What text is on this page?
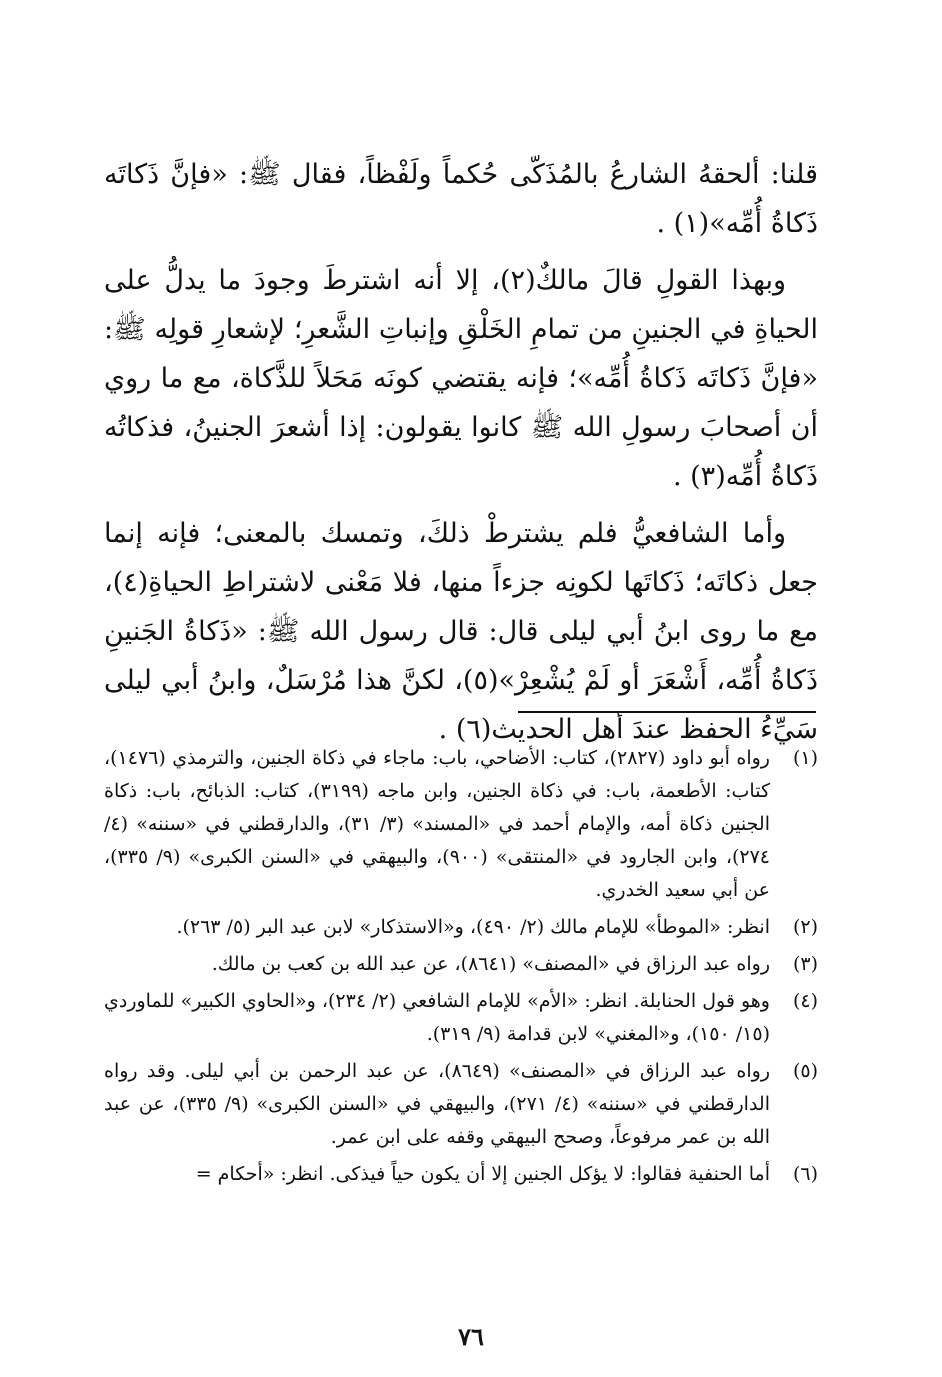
قلنا: ألحقهُ الشارعُ بالمُذَكّى حُكماً ولَفْظاً، فقال ﷺ: «فإنَّ ذَكاتَه ذَكاةُ أُمِّه»(١) .

وبهذا القولِ قالَ مالكٌ(٢)، إلا أنه اشترطَ وجودَ ما يدلُّ على الحياةِ في الجنينِ من تمامِ الخَلْقِ وإنباتِ الشَّعرِ؛ لإشعارِ قولِه ﷺ: «فإنَّ ذَكاتَه ذَكاةُ أُمِّه»؛ فإنه يقتضي كونَه مَحَلاً للذَّكاة، مع ما روي أن أصحابَ رسولِ الله ﷺ كانوا يقولون: إذا أشعرَ الجنينُ، فذكاتُه ذَكاةُ أُمِّه(٣) .

وأما الشافعيُّ فلم يشترطْ ذلكَ، وتمسك بالمعنى؛ فإنه إنما جعل ذكاتَه؛ ذَكاتَها لكونِه جزءاً منها، فلا مَعْنى لاشتراطِ الحياةِ(٤)، مع ما روى ابنُ أبي ليلى قال: قال رسول الله ﷺ: «ذَكاةُ الجَنينِ ذَكاةُ أُمِّه، أَشْعَرَ أو لَمْ يُشْعِرْ»(٥)، لكنَّ هذا مُرْسَلٌ، وابنُ أبي ليلى سَيِّءُ الحفظ عندَ أهل الحديث(٦) .

(١)
رواه أبو داود (٢٨٢٧)، كتاب: الأضاحي، باب: ماجاء في ذكاة الجنين، والترمذي (١٤٧٦)، كتاب: الأطعمة، باب: في ذكاة الجنين، وابن ماجه (٣١٩٩)، كتاب: الذبائح، باب: ذكاة الجنين ذكاة أمه، والإمام أحمد في «المسند» (٣/ ٣١)، والدارقطني في «سننه» (٤/ ٢٧٤)، وابن الجارود في «المنتقى» (٩٠٠)، والبيهقي في «السنن الكبرى» (٩/ ٣٣٥)، عن أبي سعيد الخدري.
(٢)
انظر: «الموطأ» للإمام مالك (٢/ ٤٩٠)، و«الاستذكار» لابن عبد البر (٥/ ٢٦٣).
(٣)
رواه عبد الرزاق في «المصنف» (٨٦٤١)، عن عبد الله بن كعب بن مالك.
(٤)
وهو قول الحنابلة. انظر: «الأم» للإمام الشافعي (٢/ ٢٣٤)، و«الحاوي الكبير» للماوردي (١٥/ ١٥٠)، و«المغني» لابن قدامة (٩/ ٣١٩).
(٥)
رواه عبد الرزاق في «المصنف» (٨٦٤٩)، عن عبد الرحمن بن أبي ليلى. وقد رواه الدارقطني في «سننه» (٤/ ٢٧١)، والبيهقي في «السنن الكبرى» (٩/ ٣٣٥)، عن عبد الله بن عمر مرفوعاً، وصحح البيهقي وقفه على ابن عمر.
(٦)
أما الحنفية فقالوا: لا يؤكل الجنين إلا أن يكون حياً فيذكى. انظر: «أحكام =
٧٦
